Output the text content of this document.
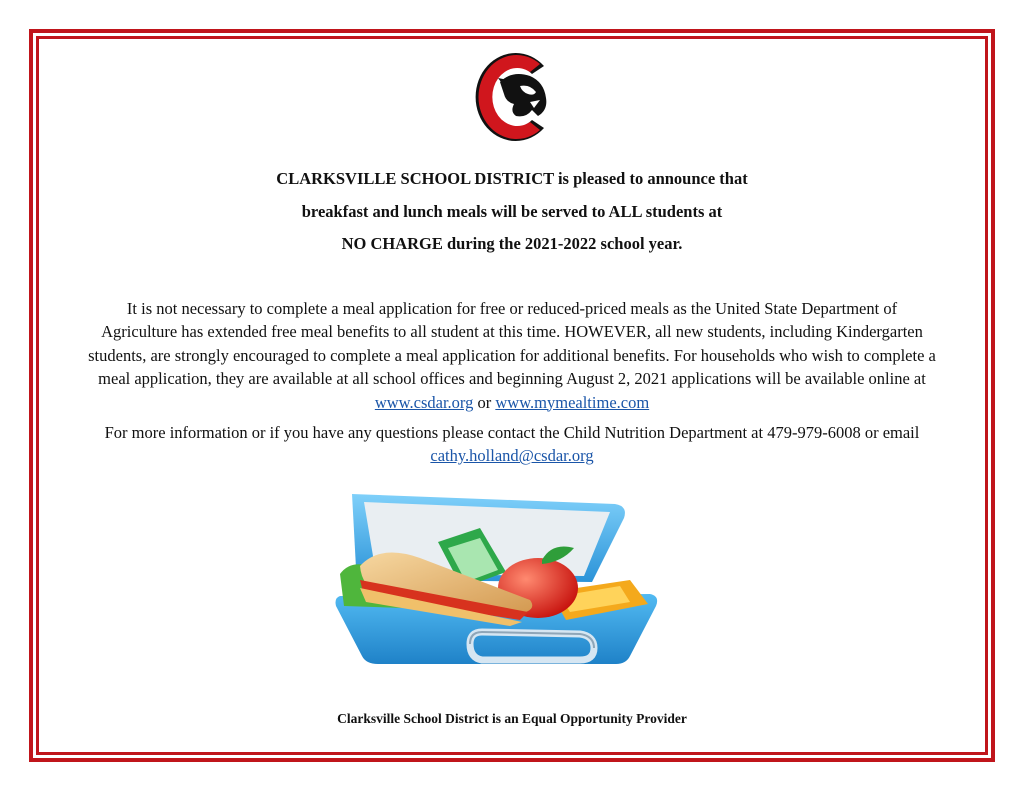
CLARKSVILLE SCHOOL DISTRICT is pleased to announce that
breakfast and lunch meals will be served to ALL students at
NO CHARGE during the 2021-2022 school year.
It is not necessary to complete a meal application for free or reduced-priced meals as the United State Department of
Agriculture has extended free meal benefits to all student at this time. HOWEVER, all new students, including Kindergarten
students, are strongly encouraged to complete a meal application for additional benefits. For households who wish to complete a
meal application, they are available at all school offices and beginning August 2, 2021 applications will be available online at
www.csdar.org or www.mymealtime.com
For more information or if you have any questions please contact the Child Nutrition Department at 479-979-6008 or email
cathy.holland@csdar.org
Clarksville School District is an Equal Opportunity Provider
